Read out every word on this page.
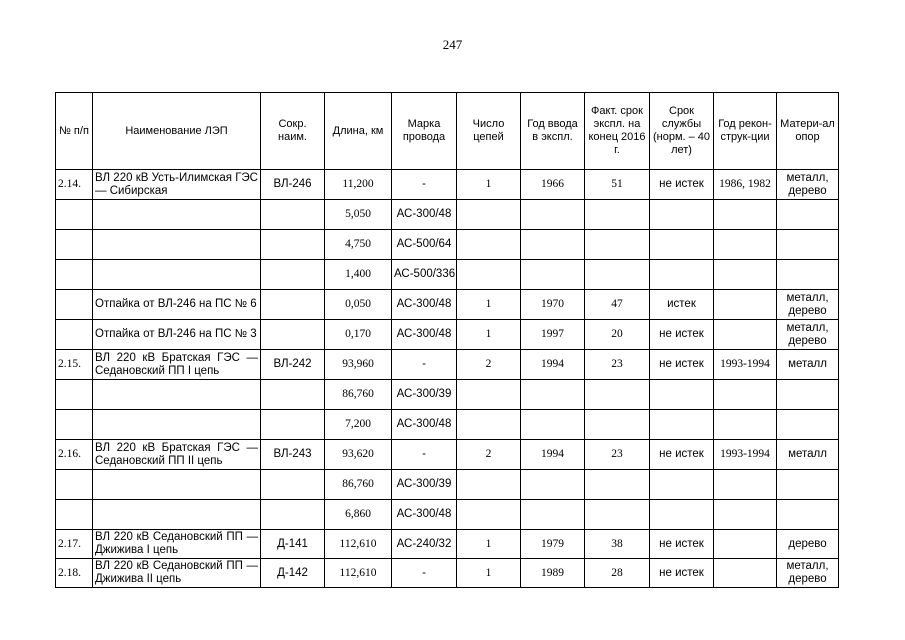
247
№ п/п	Наименование ЛЭП	Сокр. наим.	Длина, км	Марка провода	Число цепей	Год ввода в экспл.	Факт. срок экспл. на конец 2016 г.	Срок службы (норм. – 40 лет)	Год рекон-струк-ции	Матери-ал опор
2.14.	ВЛ 220 кВ Усть-Илимская ГЭС — Сибирская	ВЛ-246	11,200	-	1	1966	51	не истек	1986, 1982	металл, дерево
			5,050	АС-300/48						
			4,750	АС-500/64						
			1,400	АС-500/336						
	Отпайка от ВЛ-246 на ПС № 6		0,050	АС-300/48	1	1970	47	истек		металл, дерево
	Отпайка от ВЛ-246 на ПС № 3		0,170	АС-300/48	1	1997	20	не истек		металл, дерево
2.15.	ВЛ 220 кВ Братская ГЭС — Седановский ПП I цепь	ВЛ-242	93,960	-	2	1994	23	не истек	1993-1994	металл
			86,760	АС-300/39						
			7,200	АС-300/48						
2.16.	ВЛ 220 кВ Братская ГЭС — Седановский ПП II цепь	ВЛ-243	93,620	-	2	1994	23	не истек	1993-1994	металл
			86,760	АС-300/39						
			6,860	АС-300/48						
2.17.	ВЛ 220 кВ Седановский ПП — Джижива I цепь	Д-141	112,610	АС-240/32	1	1979	38	не истек		дерево
2.18.	ВЛ 220 кВ Седановский ПП — Джижива II цепь	Д-142	112,610	-	1	1989	28	не истек		металл, дерево
